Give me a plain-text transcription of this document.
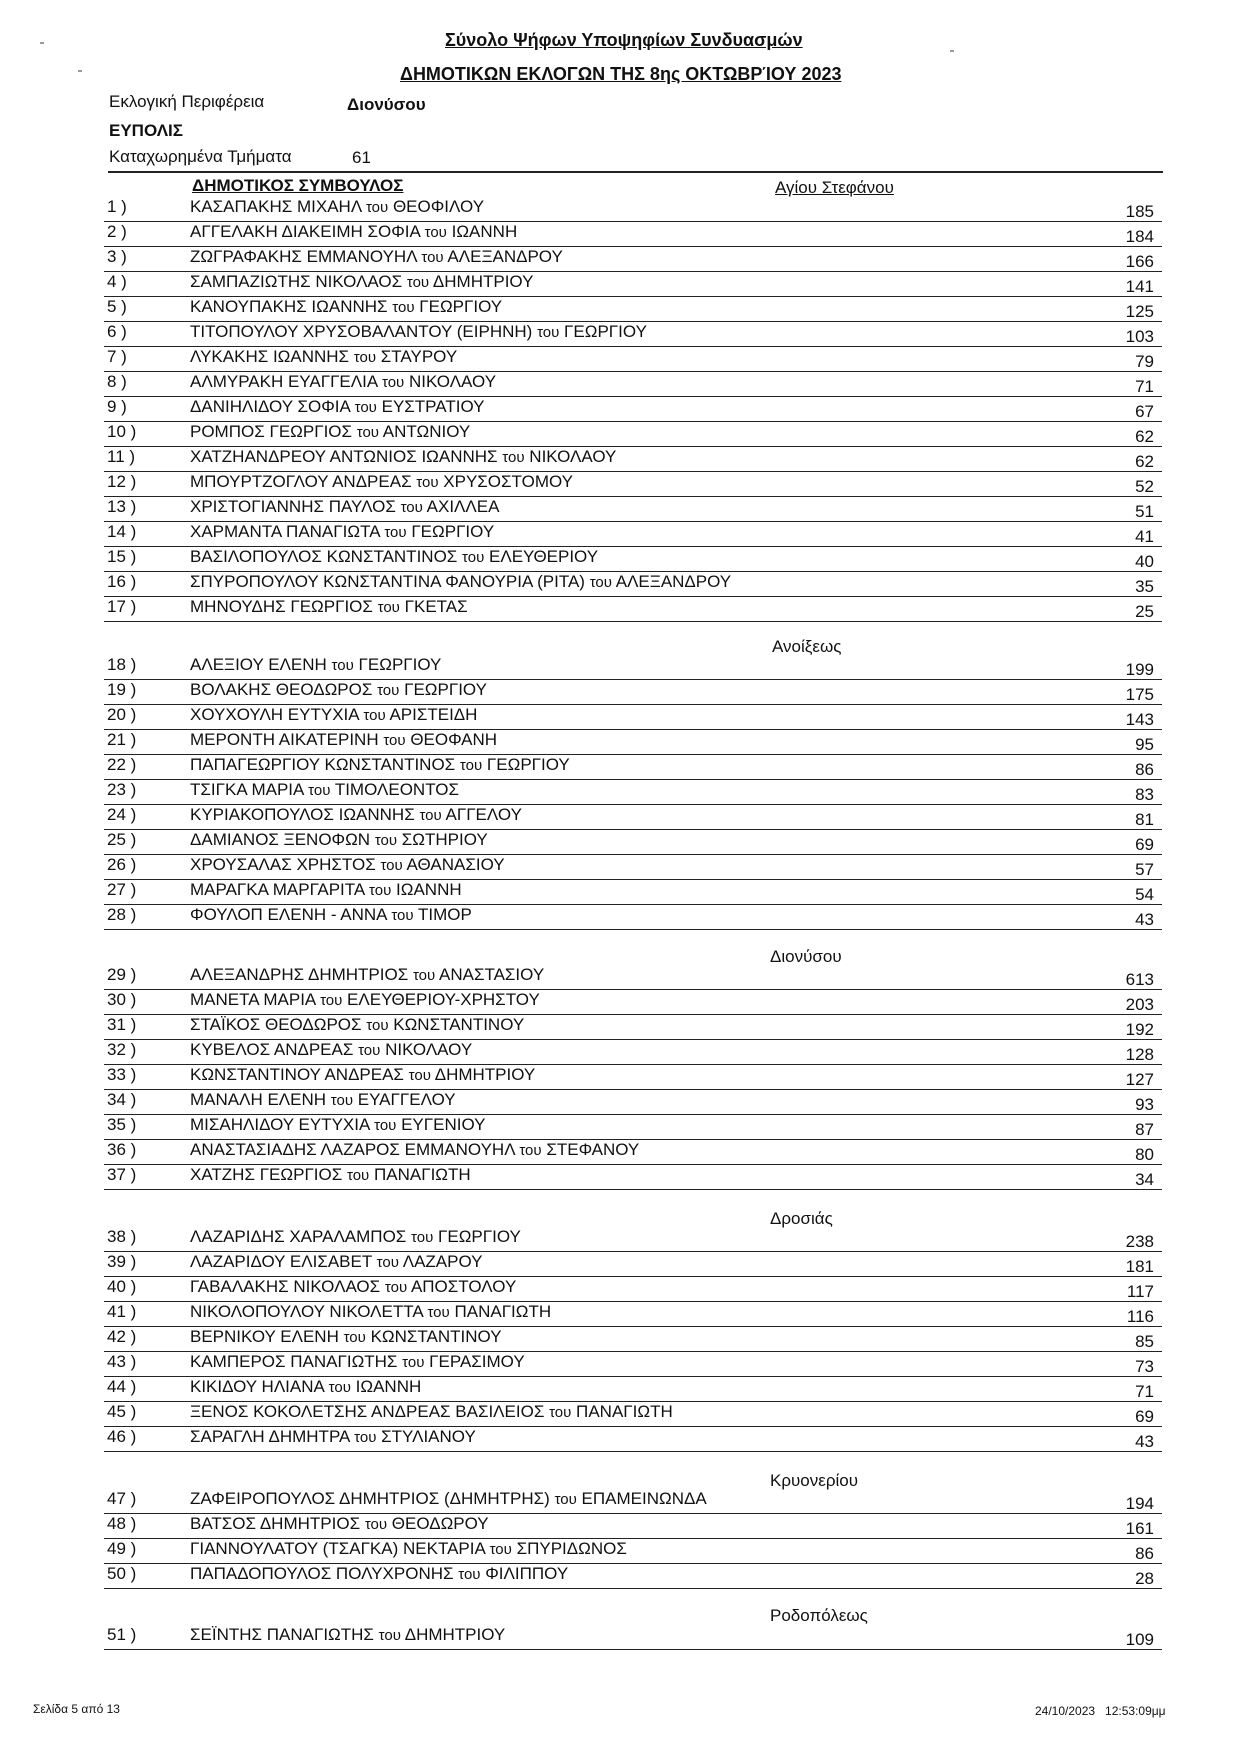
Σύνολο Ψήφων Υποψηφίων Συνδυασμών
ΔΗΜΟΤΙΚΩΝ ΕΚΛΟΓΩΝ ΤΗΣ 8ης ΟΚΤΩΒΡΊΟΥ 2023
Εκλογική Περιφέρεια	Διονύσου
ΕΥΠΟΛΙΣ
Καταχωρημένα Τμήματα	61
ΔΗΜΟΤΙΚΟΣ ΣΥΜΒΟΥΛΟΣ	Αγίου Στεφάνου
1 )	ΚΑΣΑΠΑΚΗΣ ΜΙΧΑΗΛ του ΘΕΟΦΙΛΟΥ	185
2 )	ΑΓΓΕΛΑΚΗ ΔΙΑΚΕΙΜΗ ΣΟΦΙΑ του ΙΩΑΝΝΗ	184
3 )	ΖΩΓΡΑΦΑΚΗΣ ΕΜΜΑΝΟΥΗΛ του ΑΛΕΞΑΝΔΡΟΥ	166
4 )	ΣΑΜΠΑΖΙΩΤΗΣ ΝΙΚΟΛΑΟΣ του ΔΗΜΗΤΡΙΟΥ	141
5 )	ΚΑΝΟΥΠΑΚΗΣ ΙΩΑΝΝΗΣ του ΓΕΩΡΓΙΟΥ	125
6 )	ΤΙΤΟΠΟΥΛΟΥ ΧΡΥΣΟΒΑΛΑΝΤΟΥ (ΕΙΡΗΝΗ) του ΓΕΩΡΓΙΟΥ	103
7 )	ΛΥΚΑΚΗΣ ΙΩΑΝΝΗΣ του ΣΤΑΥΡΟΥ	79
8 )	ΑΛΜΥΡΑΚΗ ΕΥΑΓΓΕΛΙΑ του ΝΙΚΟΛΑΟΥ	71
9 )	ΔΑΝΙΗΛΙΔΟΥ ΣΟΦΙΑ του ΕΥΣΤΡΑΤΙΟΥ	67
10 )	ΡΟΜΠΟΣ ΓΕΩΡΓΙΟΣ του ΑΝΤΩΝΙΟΥ	62
11 )	ΧΑΤΖΗΑΝΔΡΕΟΥ ΑΝΤΩΝΙΟΣ ΙΩΑΝΝΗΣ του ΝΙΚΟΛΑΟΥ	62
12 )	ΜΠΟΥΡΤΖΟΓΛΟΥ ΑΝΔΡΕΑΣ του ΧΡΥΣΟΣΤΟΜΟΥ	52
13 )	ΧΡΙΣΤΟΓΙΑΝΝΗΣ ΠΑΥΛΟΣ του ΑΧΙΛΛΕΑ	51
14 )	ΧΑΡΜΑΝΤΑ ΠΑΝΑΓΙΩΤΑ του ΓΕΩΡΓΙΟΥ	41
15 )	ΒΑΣΙΛΟΠΟΥΛΟΣ ΚΩΝΣΤΑΝΤΙΝΟΣ του ΕΛΕΥΘΕΡΙΟΥ	40
16 )	ΣΠΥΡΟΠΟΥΛΟΥ ΚΩΝΣΤΑΝΤΙΝΑ ΦΑΝΟΥΡΙΑ (ΡΙΤΑ) του ΑΛΕΞΑΝΔΡΟΥ	35
17 )	ΜΗΝΟΥΔΗΣ ΓΕΩΡΓΙΟΣ του ΓΚΕΤΑΣ	25
Ανοίξεως
18 )	ΑΛΕΞΙΟΥ ΕΛΕΝΗ του ΓΕΩΡΓΙΟΥ	199
19 )	ΒΟΛΑΚΗΣ ΘΕΟΔΩΡΟΣ του ΓΕΩΡΓΙΟΥ	175
20 )	ΧΟΥΧΟΥΛΗ ΕΥΤΥΧΙΑ του ΑΡΙΣΤΕΙΔΗ	143
21 )	ΜΕΡΟΝΤΗ ΑΙΚΑΤΕΡΙΝΗ του ΘΕΟΦΑΝΗ	95
22 )	ΠΑΠΑΓΕΩΡΓΙΟΥ ΚΩΝΣΤΑΝΤΙΝΟΣ του ΓΕΩΡΓΙΟΥ	86
23 )	ΤΣΙΓΚΑ ΜΑΡΙΑ του ΤΙΜΟΛΕΟΝΤΟΣ	83
24 )	ΚΥΡΙΑΚΟΠΟΥΛΟΣ ΙΩΑΝΝΗΣ του ΑΓΓΕΛΟΥ	81
25 )	ΔΑΜΙΑΝΟΣ ΞΕΝΟΦΩΝ του ΣΩΤΗΡΙΟΥ	69
26 )	ΧΡΟΥΣΑΛΑΣ ΧΡΗΣΤΟΣ του ΑΘΑΝΑΣΙΟΥ	57
27 )	ΜΑΡΑΓΚΑ ΜΑΡΓΑΡΙΤΑ του ΙΩΑΝΝΗ	54
28 )	ΦΟΥΛΟΠ ΕΛΕΝΗ - ΑΝΝΑ του ΤΙΜΟΡ	43
Διονύσου
29 )	ΑΛΕΞΑΝΔΡΗΣ ΔΗΜΗΤΡΙΟΣ του ΑΝΑΣΤΑΣΙΟΥ	613
30 )	ΜΑΝΕΤΑ ΜΑΡΙΑ του ΕΛΕΥΘΕΡΙΟΥ-ΧΡΗΣΤΟΥ	203
31 )	ΣΤΑΪΚΟΣ ΘΕΟΔΩΡΟΣ του ΚΩΝΣΤΑΝΤΙΝΟΥ	192
32 )	ΚΥΒΕΛΟΣ ΑΝΔΡΕΑΣ του ΝΙΚΟΛΑΟΥ	128
33 )	ΚΩΝΣΤΑΝΤΙΝΟΥ ΑΝΔΡΕΑΣ του ΔΗΜΗΤΡΙΟΥ	127
34 )	ΜΑΝΑΛΗ ΕΛΕΝΗ του ΕΥΑΓΓΕΛΟΥ	93
35 )	ΜΙΣΑΗΛΙΔΟΥ ΕΥΤΥΧΙΑ του ΕΥΓΕΝΙΟΥ	87
36 )	ΑΝΑΣΤΑΣΙΑΔΗΣ ΛΑΖΑΡΟΣ ΕΜΜΑΝΟΥΗΛ του ΣΤΕΦΑΝΟΥ	80
37 )	ΧΑΤΖΗΣ ΓΕΩΡΓΙΟΣ του ΠΑΝΑΓΙΩΤΗ	34
Δροσιάς
38 )	ΛΑΖΑΡΙΔΗΣ ΧΑΡΑΛΑΜΠΟΣ του ΓΕΩΡΓΙΟΥ	238
39 )	ΛΑΖΑΡΙΔΟΥ ΕΛΙΣΑΒΕΤ του ΛΑΖΑΡΟΥ	181
40 )	ΓΑΒΑΛΑΚΗΣ ΝΙΚΟΛΑΟΣ του ΑΠΟΣΤΟΛΟΥ	117
41 )	ΝΙΚΟΛΟΠΟΥΛΟΥ ΝΙΚΟΛΕΤΤΑ του ΠΑΝΑΓΙΩΤΗ	116
42 )	ΒΕΡΝΙΚΟΥ ΕΛΕΝΗ του ΚΩΝΣΤΑΝΤΙΝΟΥ	85
43 )	ΚΑΜΠΕΡΟΣ ΠΑΝΑΓΙΩΤΗΣ του ΓΕΡΑΣΙΜΟΥ	73
44 )	ΚΙΚΙΔΟΥ ΗΛΙΑΝΑ του ΙΩΑΝΝΗ	71
45 )	ΞΕΝΟΣ ΚΟΚΟΛΕΤΣΗΣ ΑΝΔΡΕΑΣ ΒΑΣΙΛΕΙΟΣ του ΠΑΝΑΓΙΩΤΗ	69
46 )	ΣΑΡΑΓΛΗ ΔΗΜΗΤΡΑ του ΣΤΥΛΙΑΝΟΥ	43
Κρυονερίου
47 )	ΖΑΦΕΙΡΟΠΟΥΛΟΣ ΔΗΜΗΤΡΙΟΣ (ΔΗΜΗΤΡΗΣ) του ΕΠΑΜΕΙΝΩΝΔΑ	194
48 )	ΒΑΤΣΟΣ ΔΗΜΗΤΡΙΟΣ του ΘΕΟΔΩΡΟΥ	161
49 )	ΓΙΑΝΝΟΥΛΑΤΟΥ (ΤΣΑΓΚΑ) ΝΕΚΤΑΡΙΑ του ΣΠΥΡΙΔΩΝΟΣ	86
50 )	ΠΑΠΑΔΟΠΟΥΛΟΣ ΠΟΛΥΧΡΟΝΗΣ του ΦΙΛΙΠΠΟΥ	28
Ροδοπόλεως
51 )	ΣΕΪΝΤΗΣ ΠΑΝΑΓΙΩΤΗΣ του ΔΗΜΗΤΡΙΟΥ	109
Σελίδα 5 από 13	24/10/2023   12:53:09μμ
